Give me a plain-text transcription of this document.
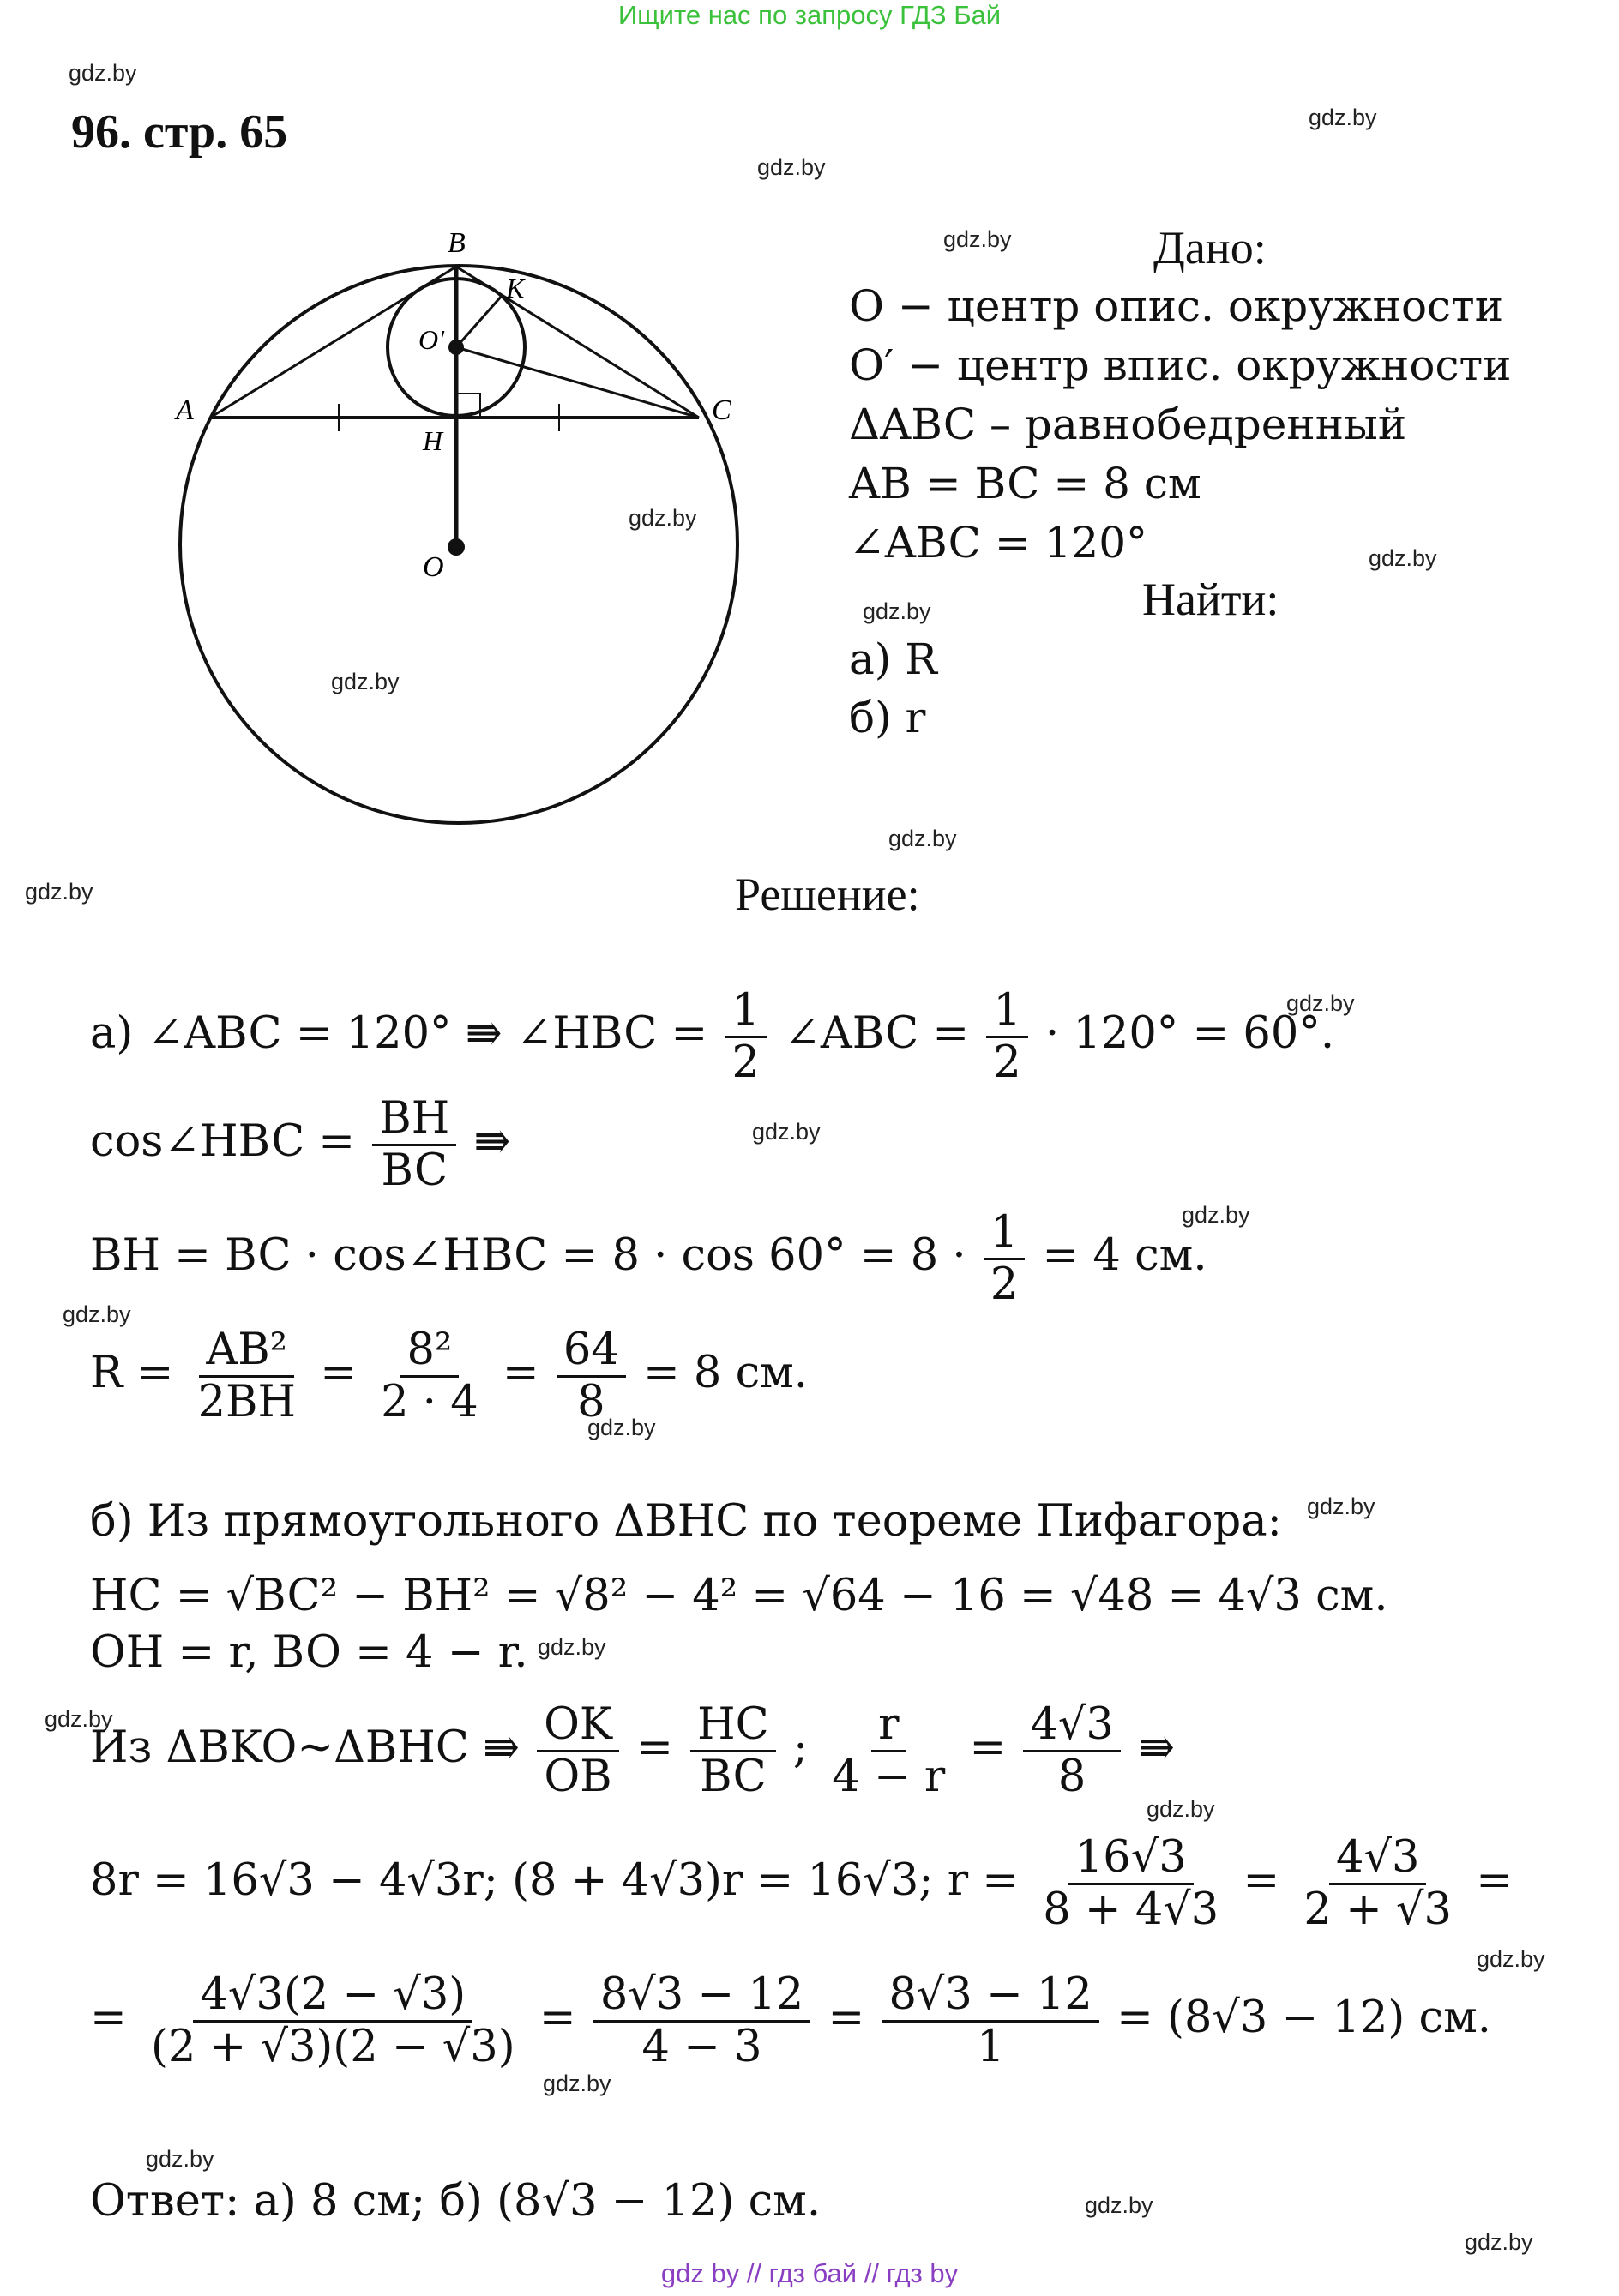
Ищите нас по запросу ГДЗ Бай
96. стр. 65
gdz.by
gdz.by
gdz.by
gdz.by
gdz.by
gdz.by
gdz.by
gdz.by
gdz.by
gdz.by
gdz.by
gdz.by
gdz.by
gdz.by
gdz.by
gdz.by
gdz.by
gdz.by
gdz.by
gdz.by
gdz.by
gdz.by
gdz.by
gdz.by
B
K
A	C
O'
H
O
Дано:
O − центр опис. окружности
O′ − центр впис. окружности
ΔABC – равнобедренный
AB = BC = 8 см
∠ABC = 120°
Найти:
а) R
б) r
Решение:
а) ∠ABC = 120° ⇛ ∠HBC = $\frac{1}{2}$ ∠ABC = $\frac{1}{2} \cdot 120^\circ = 60^\circ$.
cos∠HBC = $\frac{BH}{BC}$ ⇛
BH = BC · cos∠HBC = $8 \cdot \cos 60^\circ = 8 \cdot \frac{1}{2} = 4$ см.
$R = \frac{\text{AB²}}{2BH} = \frac{\text{8²}}{2 \cdot 4} = \frac{64}{8} = 8$ см.
б) Из прямоугольного ΔBHC по теореме Пифагора:
HC = √BC² − BH² = √8² − 4² = √64 − 16 = √48 = 4√3 см.
OH = r, BO = 4 − r.
Из ΔBKO~ΔBHC ⇛ $\frac{OK}{OB} = \frac{HC}{BC}$ ; $\frac{r}{4 - r} = \frac{4√3}{8}$ ⇛
8r = 16√3 − 4√3r; (8 + 4√3)r = 16√3; $r = \frac{16√3}{8 + 4√3} = \frac{4√3}{2 + √3}$ =
= $\frac{4√3(2 - √3)}{(2 + √3)(2 - √3)} = \frac{8√3 - 12}{4 - 3} = \frac{8√3 - 12}{1} = (8√3 - 12)$ см.
Ответ: а) 8 см; б) (8√3 − 12) см.
gdz by // гдз бай // гдз by
